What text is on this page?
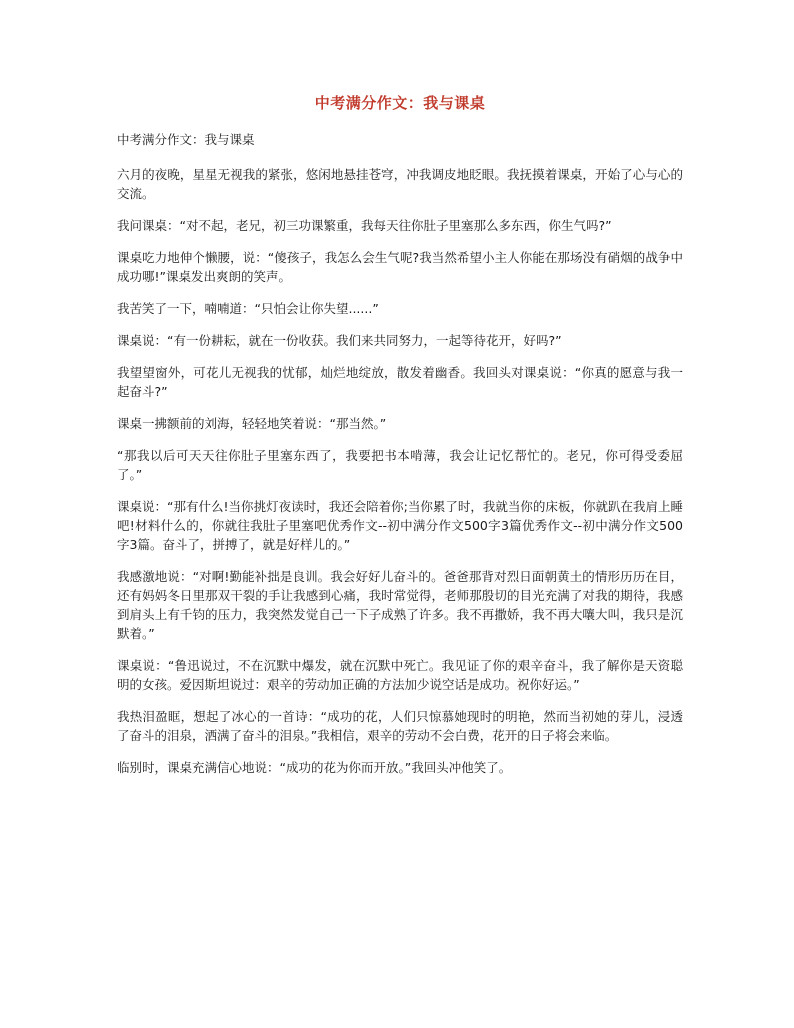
中考满分作文：我与课桌

中考满分作文：我与课桌

六月的夜晚，星星无视我的紧张，悠闲地悬挂苍穹，冲我调皮地眨眼。我抚摸着课桌，开始了心与心的交流。

我问课桌：“对不起，老兄，初三功课繁重，我每天往你肚子里塞那么多东西，你生气吗?”

课桌吃力地伸个懒腰，说：“傻孩子，我怎么会生气呢?我当然希望小主人你能在那场没有硝烟的战争中成功哪!”课桌发出爽朗的笑声。

我苦笑了一下，喃喃道：“只怕会让你失望......”

课桌说：“有一份耕耘，就在一份收获。我们来共同努力，一起等待花开，好吗?”

我望望窗外，可花儿无视我的忧郁，灿烂地绽放，散发着幽香。我回头对课桌说：“你真的愿意与我一起奋斗?”

课桌一拂额前的刘海，轻轻地笑着说：“那当然。”

“那我以后可天天往你肚子里塞东西了，我要把书本啃薄，我会让记忆帮忙的。老兄，你可得受委屈了。”

课桌说：“那有什么!当你挑灯夜读时，我还会陪着你;当你累了时，我就当你的床板，你就趴在我肩上睡吧!材料什么的，你就往我肚子里塞吧优秀作文--初中满分作文500字3篇优秀作文--初中满分作文500字3篇。奋斗了，拼搏了，就是好样儿的。”

我感激地说：“对啊!勤能补拙是良训。我会好好儿奋斗的。爸爸那背对烈日面朝黄土的情形历历在目，还有妈妈冬日里那双干裂的手让我感到心痛，我时常觉得，老师那殷切的目光充满了对我的期待，我感到肩头上有千钧的压力，我突然发觉自己一下子成熟了许多。我不再撒娇，我不再大嚷大叫，我只是沉默着。”

课桌说：“鲁迅说过，不在沉默中爆发，就在沉默中死亡。我见证了你的艰辛奋斗，我了解你是天资聪明的女孩。爱因斯坦说过：艰辛的劳动加正确的方法加少说空话是成功。祝你好运。”

我热泪盈眶，想起了冰心的一首诗：“成功的花，人们只惊慕她现时的明艳，然而当初她的芽儿，浸透了奋斗的泪泉，洒满了奋斗的泪泉。”我相信，艰辛的劳动不会白费，花开的日子将会来临。

临别时，课桌充满信心地说：“成功的花为你而开放。”我回头冲他笑了。
